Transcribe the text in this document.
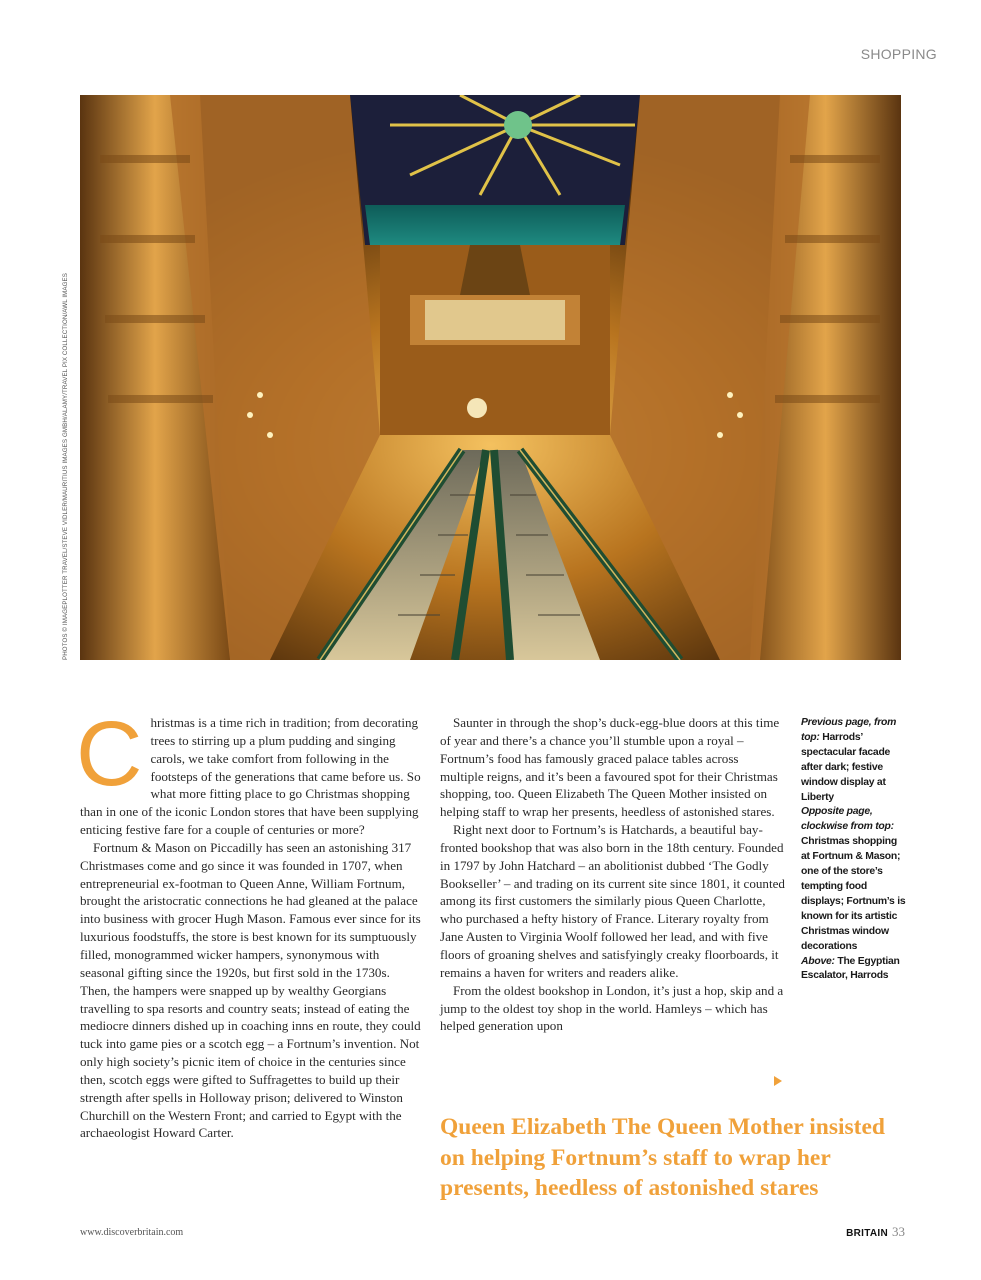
SHOPPING
PHOTOS © IMAGEPLOTTER TRAVEL/STEVE VIDLER/MAURITIUS IMAGES GMBH/ALAMY/TRAVEL PIX COLLECTION/AWL IMAGES
C hristmas is a time rich in tradition; from decorating trees to stirring up a plum pudding and singing carols, we take comfort from following in the footsteps of the generations that came before us. So what more fitting place to go Christmas shopping than in one of the iconic London stores that have been supplying enticing festive fare for a couple of centuries or more?

Fortnum & Mason on Piccadilly has seen an astonishing 317 Christmases come and go since it was founded in 1707, when entrepreneurial ex-footman to Queen Anne, William Fortnum, brought the aristocratic connections he had gleaned at the palace into business with grocer Hugh Mason. Famous ever since for its luxurious foodstuffs, the store is best known for its sumptuously filled, monogrammed wicker hampers, synonymous with seasonal gifting since the 1920s, but first sold in the 1730s. Then, the hampers were snapped up by wealthy Georgians travelling to spa resorts and country seats; instead of eating the mediocre dinners dished up in coaching inns en route, they could tuck into game pies or a scotch egg – a Fortnum’s invention. Not only high society’s picnic item of choice in the centuries since then, scotch eggs were gifted to Suffragettes to build up their strength after spells in Holloway prison; delivered to Winston Churchill on the Western Front; and carried to Egypt with the archaeologist Howard Carter.

Saunter in through the shop’s duck-egg-blue doors at this time of year and there’s a chance you’ll stumble upon a royal – Fortnum’s food has famously graced palace tables across multiple reigns, and it’s been a favoured spot for their Christmas shopping, too. Queen Elizabeth The Queen Mother insisted on helping staff to wrap her presents, heedless of astonished stares.

Right next door to Fortnum’s is Hatchards, a beautiful bay-fronted bookshop that was also born in the 18th century. Founded in 1797 by John Hatchard – an abolitionist dubbed ‘The Godly Bookseller’ – and trading on its current site since 1801, it counted among its first customers the similarly pious Queen Charlotte, who purchased a hefty history of France. Literary royalty from Jane Austen to Virginia Woolf followed her lead, and with five floors of groaning shelves and satisfyingly creaky floorboards, it remains a haven for writers and readers alike.

From the oldest bookshop in London, it’s just a hop, skip and a jump to the oldest toy shop in the world. Hamleys – which has helped generation upon

Previous page, from top: Harrods’ spectacular facade after dark; festive window display at Liberty
Opposite page, clockwise from top: Christmas shopping at Fortnum & Mason; one of the store’s tempting food displays; Fortnum’s is known for its artistic Christmas window decorations
Above: The Egyptian Escalator, Harrods
Queen Elizabeth The Queen Mother insisted on helping Fortnum’s staff to wrap her presents, heedless of astonished stares
www.discoverbritain.com	BRITAIN 33
